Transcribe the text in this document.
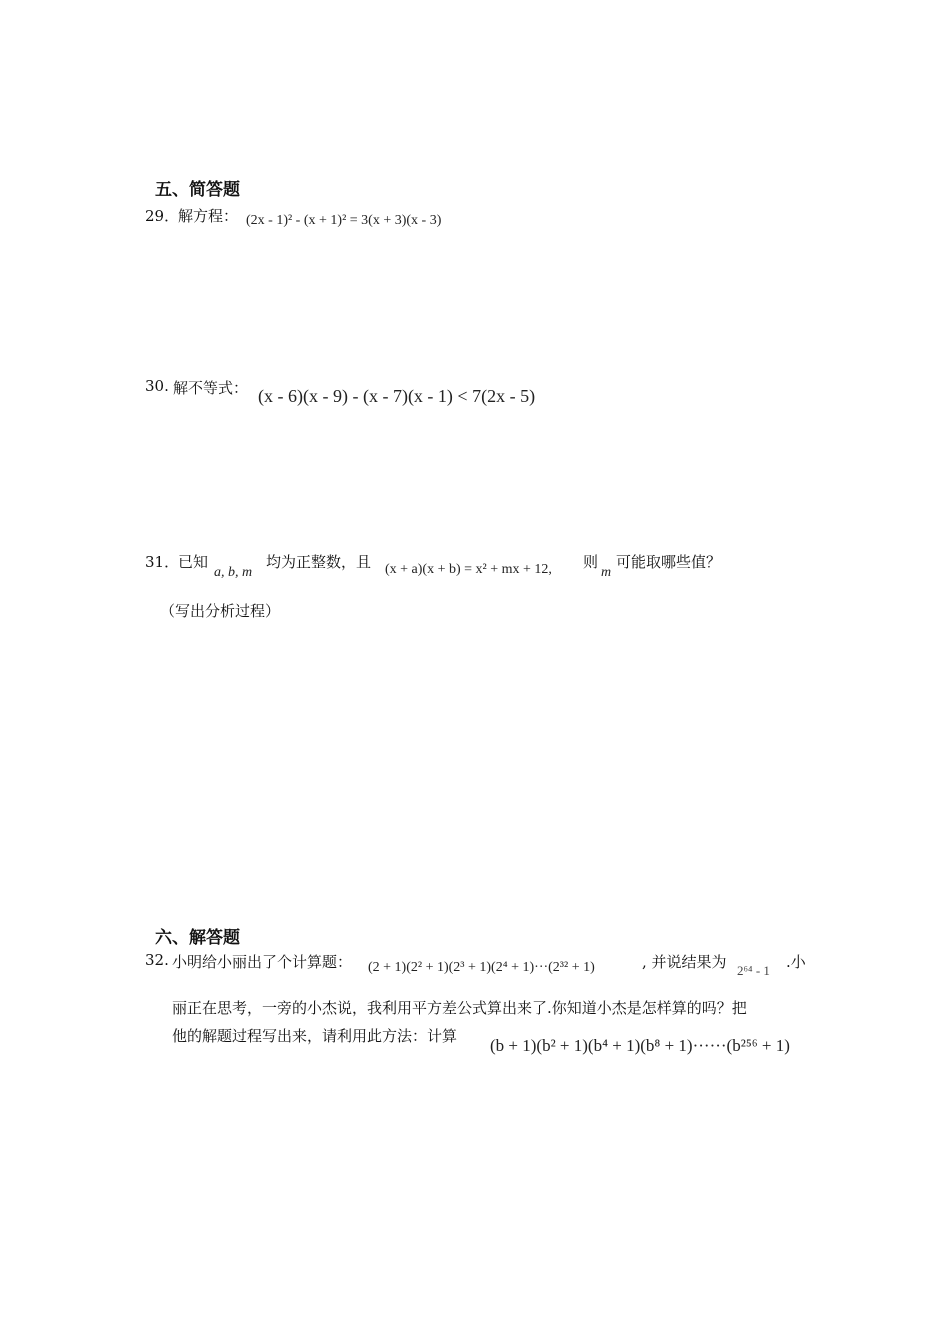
五、简答题
29．
解方程： (2x - 1)² - (x + 1)² = 3(x + 3)(x - 3)
30. 解不等式： (x - 6)(x - 9) - (x - 7)(x - 1) < 7(2x - 5)
31．
已知
a, b, m
均为正整数，且 (x + a)(x + b) = x² + mx + 12, 则
m
可能取哪些值？
（写出分析过程）
六、解答题
32. 小明给小丽出了个计算题： (2 + 1)(2² + 1)(2³ + 1)(2⁴ + 1)···(2³² + 1)	, 并说结果为 2⁶⁴ - 1 .小
丽正在思考，一旁的小杰说，我利用平方差公式算出来了.你知道小杰是怎样算的吗？把
他的解题过程写出来，请利用此方法：计算 (b + 1)(b² + 1)(b⁴ + 1)(b⁸ + 1)······(b²⁵⁶ + 1)
